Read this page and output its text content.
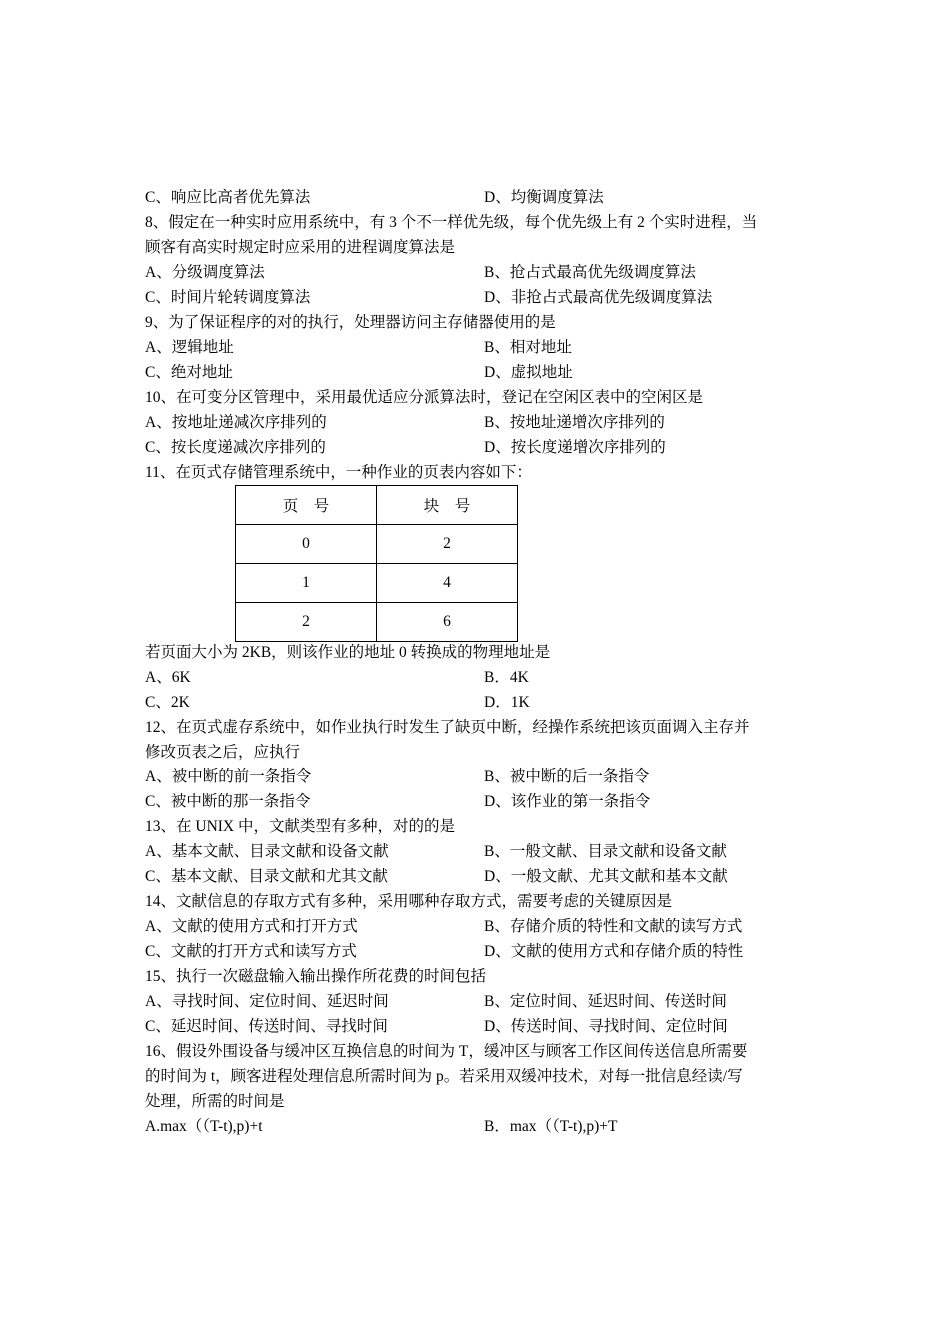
C、响应比高者优先算法	D、均衡调度算法
8、假定在一种实时应用系统中，有 3 个不一样优先级，每个优先级上有 2 个实时进程，当
顾客有高实时规定时应采用的进程调度算法是
A、分级调度算法	B、抢占式最高优先级调度算法
C、时间片轮转调度算法	D、非抢占式最高优先级调度算法
9、为了保证程序的对的执行，处理器访问主存储器使用的是
A、逻辑地址	B、相对地址
C、绝对地址	D、虚拟地址
10、在可变分区管理中，采用最优适应分派算法时，登记在空闲区表中的空闲区是
A、按地址递减次序排列的	B、按地址递增次序排列的
C、按长度递减次序排列的	D、按长度递增次序排列的
11、在页式存储管理系统中，一种作业的页表内容如下：
页　号	块　号
0	2
1	4
2	6
若页面大小为 2KB，则该作业的地址 0 转换成的物理地址是
A、6K	B．4K
C、2K	D．1K
12、在页式虚存系统中，如作业执行时发生了缺页中断，经操作系统把该页面调入主存并
修改页表之后，应执行
A、被中断的前一条指令	B、被中断的后一条指令
C、被中断的那一条指令	D、该作业的第一条指令
13、在 UNIX 中，文献类型有多种，对的的是
A、基本文献、目录文献和设备文献	B、一般文献、目录文献和设备文献
C、基本文献、目录文献和尤其文献	D、一般文献、尤其文献和基本文献
14、文献信息的存取方式有多种，采用哪种存取方式，需要考虑的关键原因是
A、文献的使用方式和打开方式	B、存储介质的特性和文献的读写方式
C、文献的打开方式和读写方式	D、文献的使用方式和存储介质的特性
15、执行一次磁盘输入输出操作所花费的时间包括
A、寻找时间、定位时间、延迟时间	B、定位时间、延迟时间、传送时间
C、延迟时间、传送时间、寻找时间	D、传送时间、寻找时间、定位时间
16、假设外围设备与缓冲区互换信息的时间为 T，缓冲区与顾客工作区间传送信息所需要
的时间为 t，顾客进程处理信息所需时间为 p。若采用双缓冲技术，对每一批信息经读/写
处理，所需的时间是
A.max（（T-t),p)+t	B．max（（T-t),p)+T
